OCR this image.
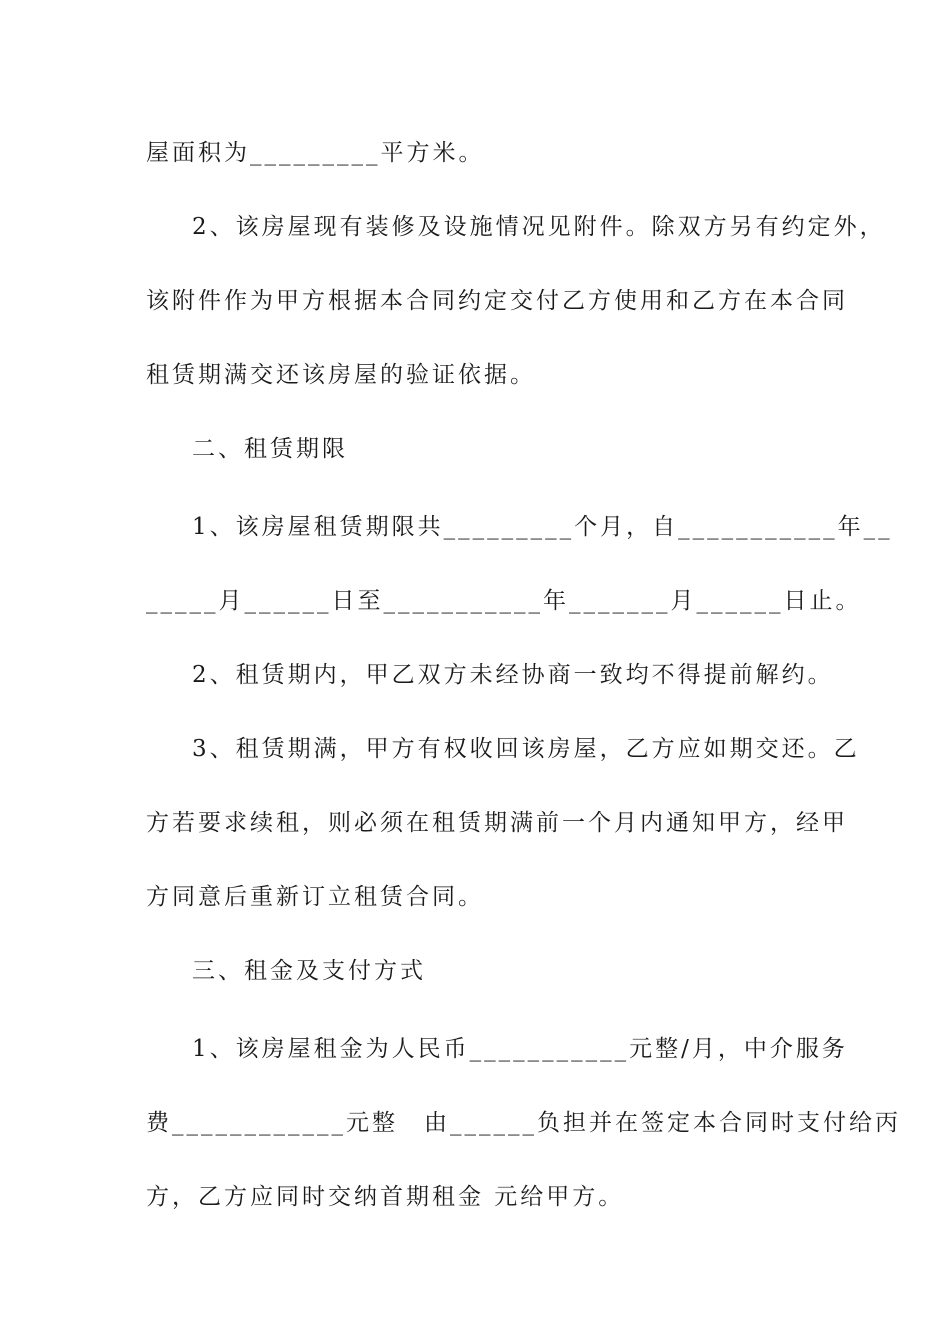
屋面积为_________平方米。
2、该房屋现有装修及设施情况见附件。除双方另有约定外，
该附件作为甲方根据本合同约定交付乙方使用和乙方在本合同
租赁期满交还该房屋的验证依据。
二、租赁期限
1、该房屋租赁期限共_________个月，自___________年__
_____月______日至___________年_______月______日止。
2、租赁期内，甲乙双方未经协商一致均不得提前解约。
3、租赁期满，甲方有权收回该房屋，乙方应如期交还。乙
方若要求续租，则必须在租赁期满前一个月内通知甲方，经甲
方同意后重新订立租赁合同。
三、租金及支付方式
1、该房屋租金为人民币___________元整/月，中介服务
费____________元整　由______负担并在签定本合同时支付给丙
方，乙方应同时交纳首期租金 元给甲方。
